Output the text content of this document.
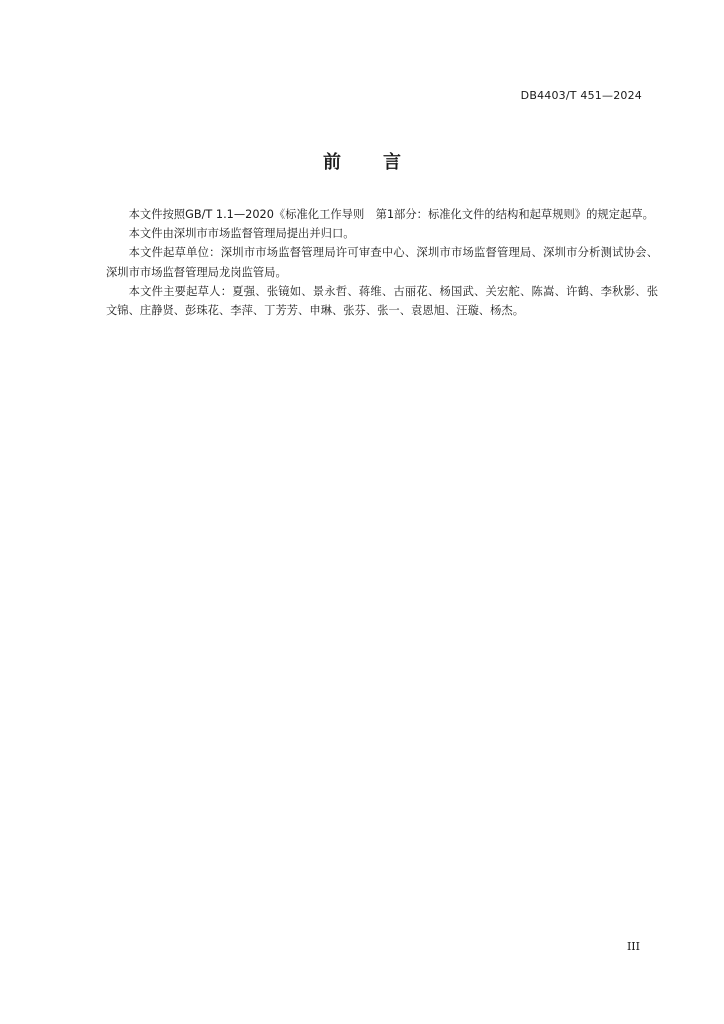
DB4403/T 451—2024
前言

本文件按照GB/T 1.1—2020《标准化工作导则　第1部分：标准化文件的结构和起草规则》的规定起草。

本文件由深圳市市场监督管理局提出并归口。

本文件起草单位：深圳市市场监督管理局许可审查中心、深圳市市场监督管理局、深圳市分析测试协会、深圳市市场监督管理局龙岗监管局。

本文件主要起草人：夏强、张镜如、景永哲、蒋维、古丽花、杨国武、关宏舵、陈嵩、许鹤、李秋影、张文锦、庄静贤、彭珠花、李萍、丁芳芳、申琳、张芬、张一、袁恩旭、汪璇、杨杰。

III
